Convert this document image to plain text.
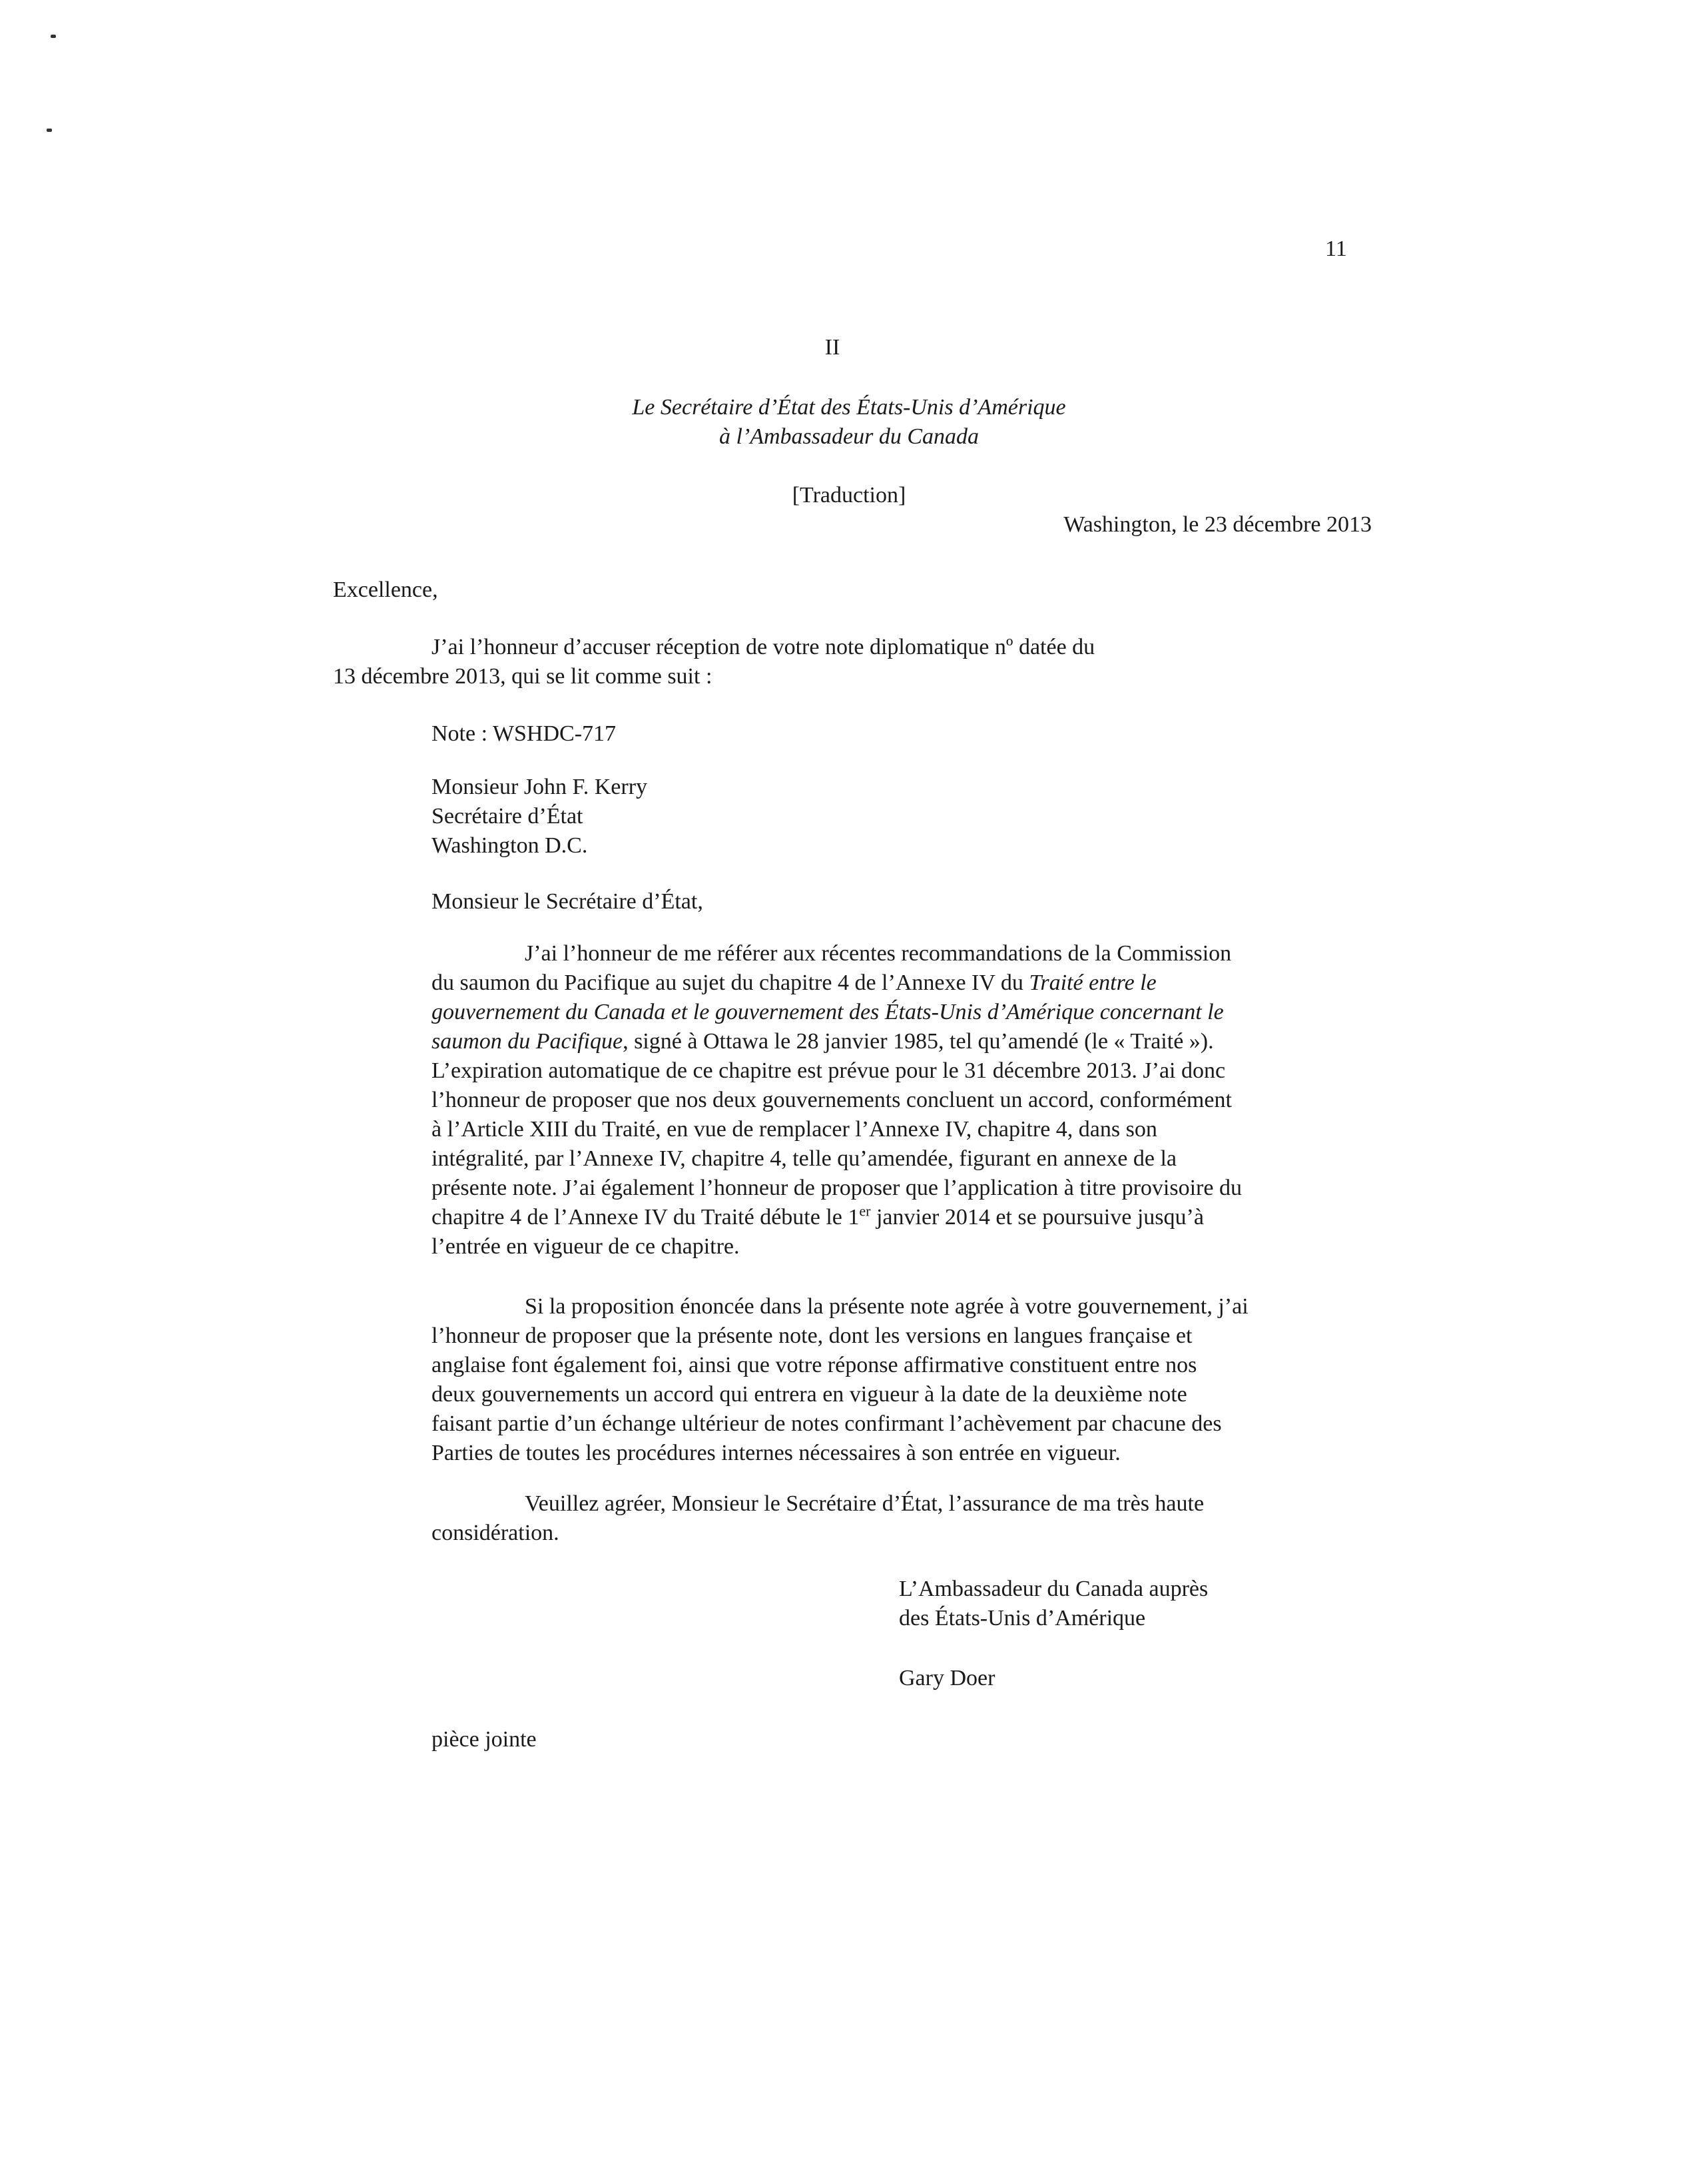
11

II

Le Secrétaire d’État des États-Unis d’Amérique
à l’Ambassadeur du Canada

[Traduction]

Washington, le 23 décembre 2013

Excellence,

J’ai l’honneur d’accuser réception de votre note diplomatique nº datée du
13 décembre 2013, qui se lit comme suit :

Note : WSHDC-717

Monsieur John F. Kerry
Secrétaire d’État
Washington D.C.

Monsieur le Secrétaire d’État,

J’ai l’honneur de me référer aux récentes recommandations de la Commission
du saumon du Pacifique au sujet du chapitre 4 de l’Annexe IV du Traité entre le
gouvernement du Canada et le gouvernement des États-Unis d’Amérique concernant le
saumon du Pacifique, signé à Ottawa le 28 janvier 1985, tel qu’amendé (le « Traité »).
L’expiration automatique de ce chapitre est prévue pour le 31 décembre 2013. J’ai donc
l’honneur de proposer que nos deux gouvernements concluent un accord, conformément
à l’Article XIII du Traité, en vue de remplacer l’Annexe IV, chapitre 4, dans son
intégralité, par l’Annexe IV, chapitre 4, telle qu’amendée, figurant en annexe de la
présente note. J’ai également l’honneur de proposer que l’application à titre provisoire du
chapitre 4 de l’Annexe IV du Traité débute le 1er janvier 2014 et se poursuive jusqu’à
l’entrée en vigueur de ce chapitre.
Si la proposition énoncée dans la présente note agrée à votre gouvernement, j’ai
l’honneur de proposer que la présente note, dont les versions en langues française et
anglaise font également foi, ainsi que votre réponse affirmative constituent entre nos
deux gouvernements un accord qui entrera en vigueur à la date de la deuxième note
faisant partie d’un échange ultérieur de notes confirmant l’achèvement par chacune des
Parties de toutes les procédures internes nécessaires à son entrée en vigueur.
Veuillez agréer, Monsieur le Secrétaire d’État, l’assurance de ma très haute
considération.
L’Ambassadeur du Canada auprès
des États-Unis d’Amérique

Gary Doer

pièce jointe
